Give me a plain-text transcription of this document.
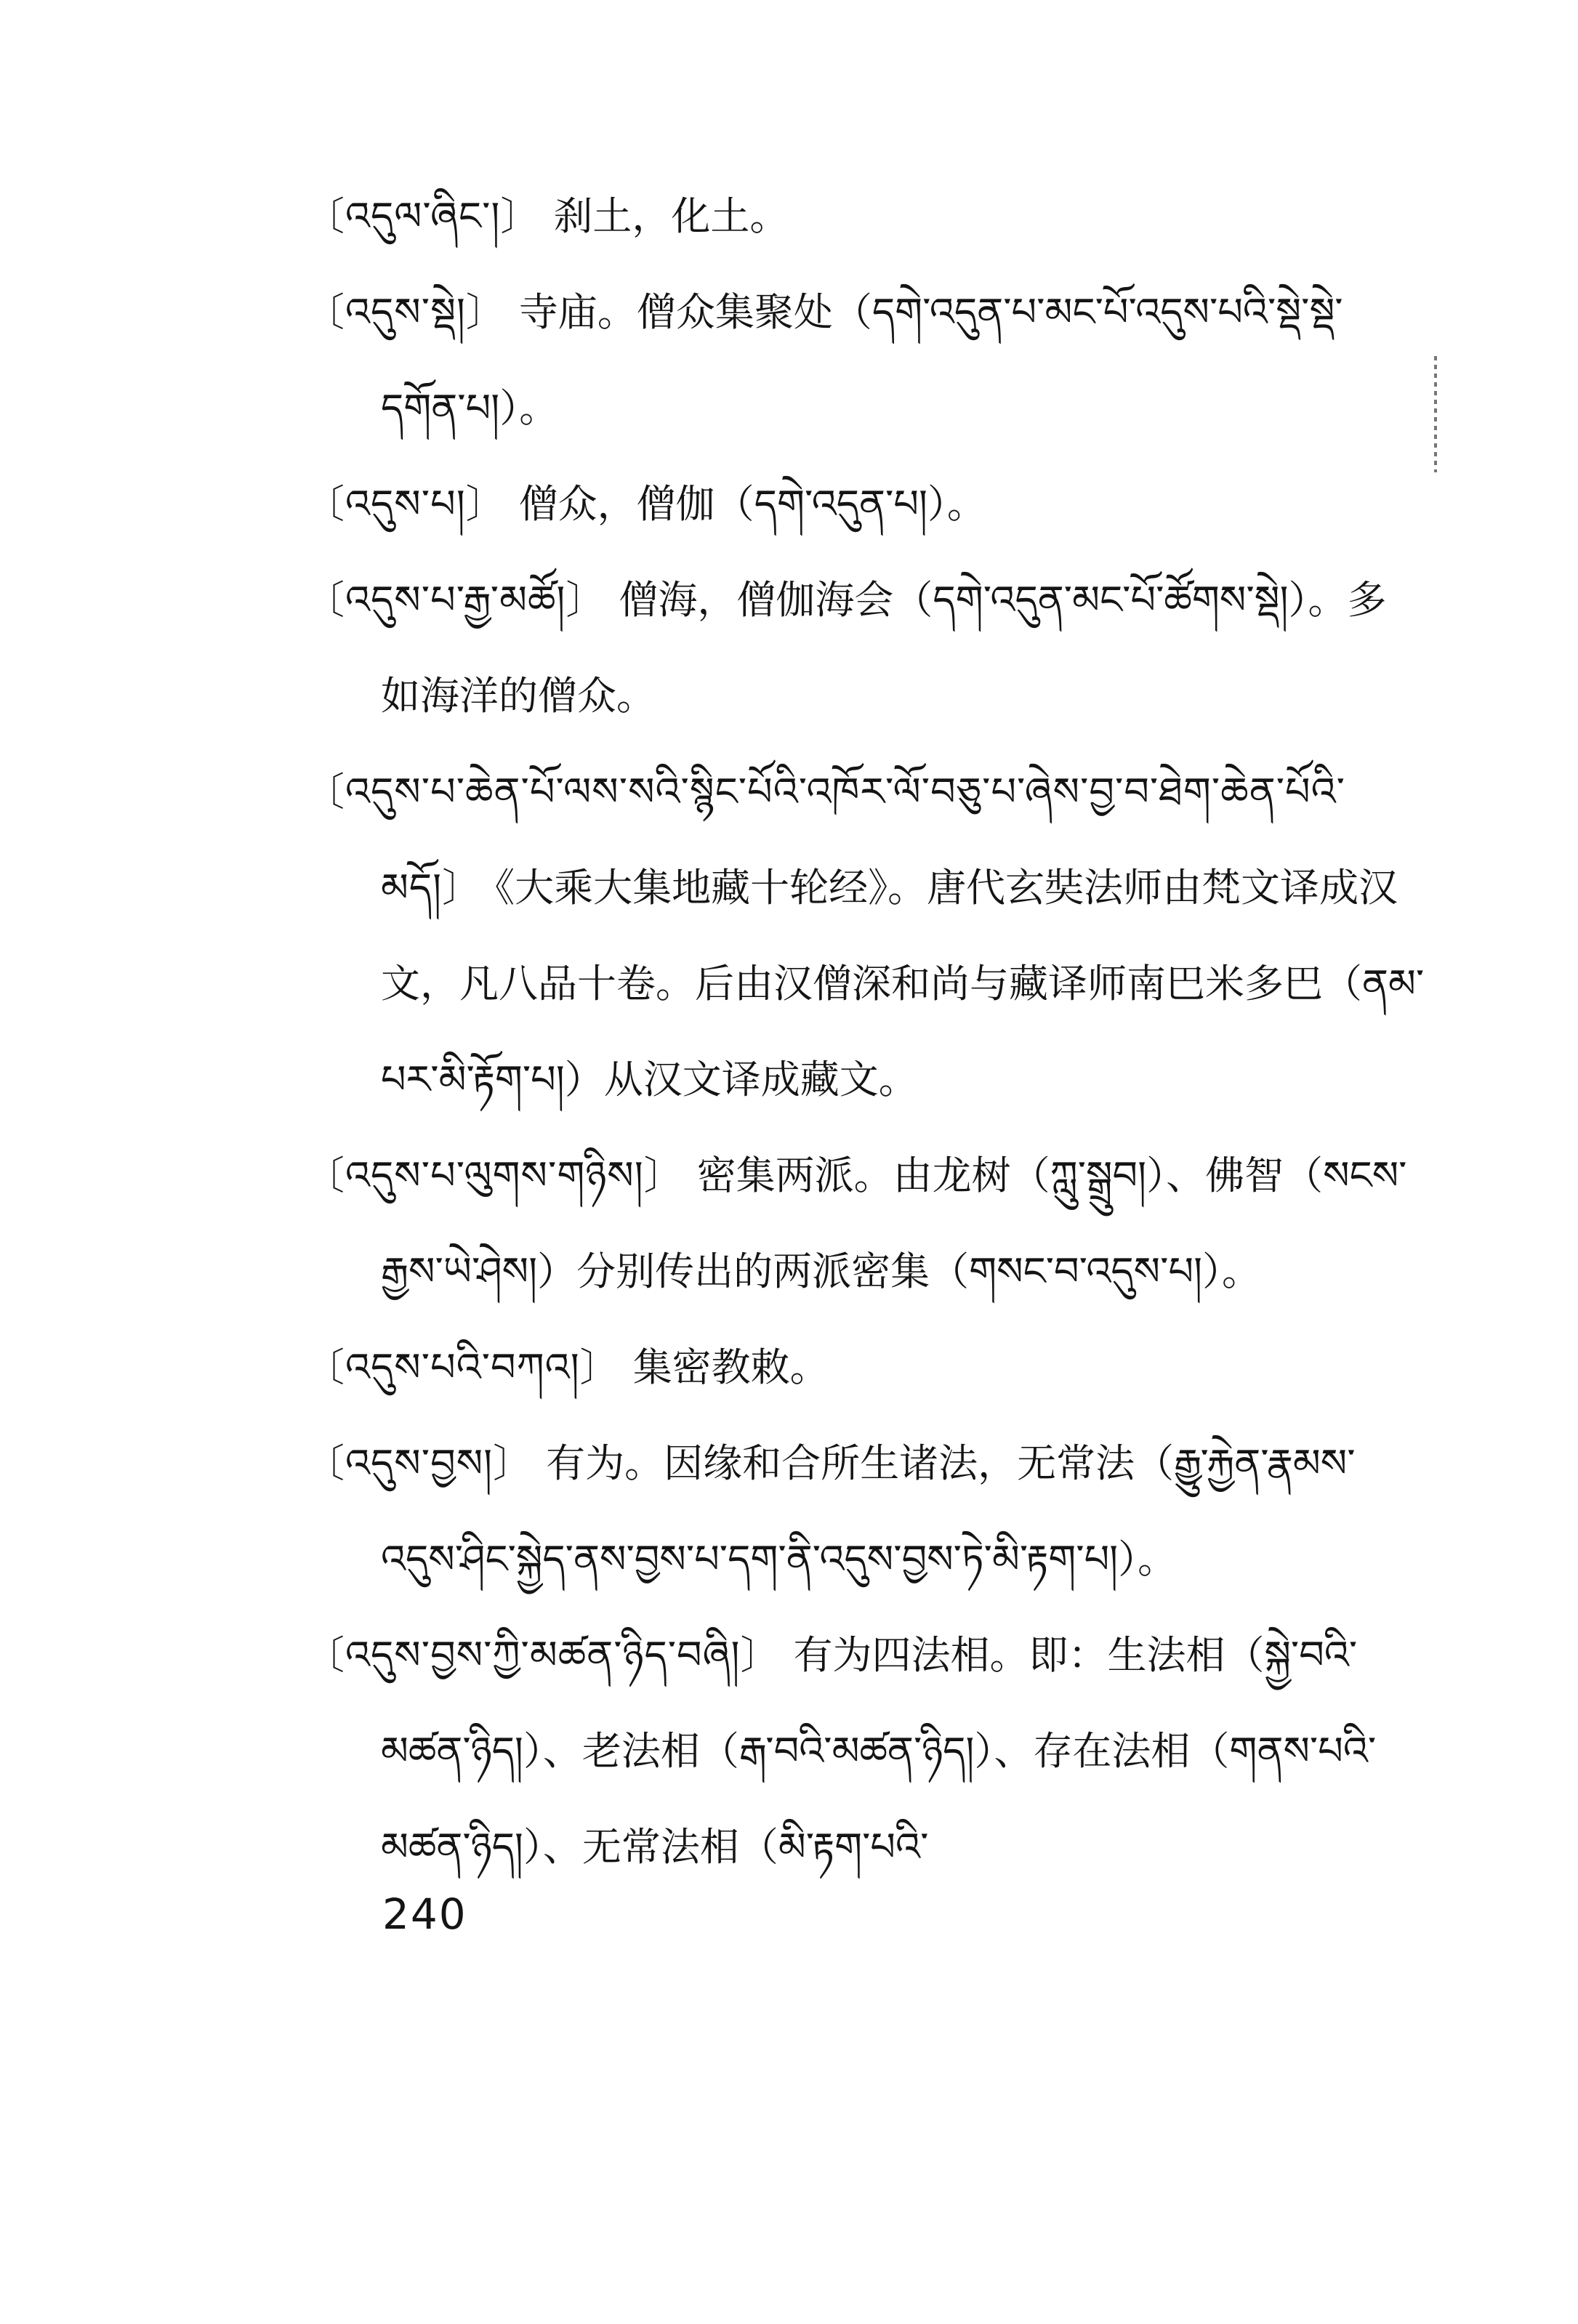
〔འདུལ་ཞིང་།〕 刹土，化土。
〔འདུས་སྡེ།〕 寺庙。僧众集聚处（དགེ་འདུན་པ་མང་པོ་འདུས་པའི་སྡེ་སྡེ་དགོན་པ།）。
〔འདུས་པ།〕 僧众，僧伽（དགེ་འདུན་པ།）。
〔འདུས་པ་རྒྱ་མཚོ།〕 僧海，僧伽海会（དགེ་འདུན་མང་པོ་ཚོགས་སྡེ།）。多如海洋的僧众。
〔འདུས་པ་ཆེན་པོ་ལས་སའི་སྙིང་པོའི་འཁོར་ལོ་བཅུ་པ་ཞེས་བྱ་བ་ཐེག་ཆེན་པོའི་མདོ།〕 《大乘大集地藏十轮经》。唐代玄奘法师由梵文译成汉文，凡八品十卷。后由汉僧深和尚与藏译师南巴米多巴（ནམ་པར་མི་རྟོག་པ།）从汉文译成藏文。
〔འདུས་པ་ལུགས་གཉིས།〕 密集两派。由龙树（ཀླུ་སྒྲུབ།）、佛智（སངས་རྒྱས་ཡེ་ཤེས།）分别传出的两派密集（གསང་བ་འདུས་པ།）。
〔འདུས་པའི་བཀའ།〕 集密教敕。
〔འདུས་བྱས།〕 有为。因缘和合所生诸法，无常法（རྒྱུ་རྐྱེན་རྣམས་འདུས་ཤིང་སྐྱེད་ནས་བྱས་པ་དག་ནི་འདུས་བྱས་ཏེ་མི་རྟག་པ།）。
〔འདུས་བྱས་ཀྱི་མཚན་ཉིད་བཞི།〕 有为四法相。即：生法相（སྐྱེ་བའི་མཚན་ཉིད།）、老法相（རྒ་བའི་མཚན་ཉིད།）、存在法相（གནས་པའི་མཚན་ཉིད།）、无常法相（མི་རྟག་པའི་
240
